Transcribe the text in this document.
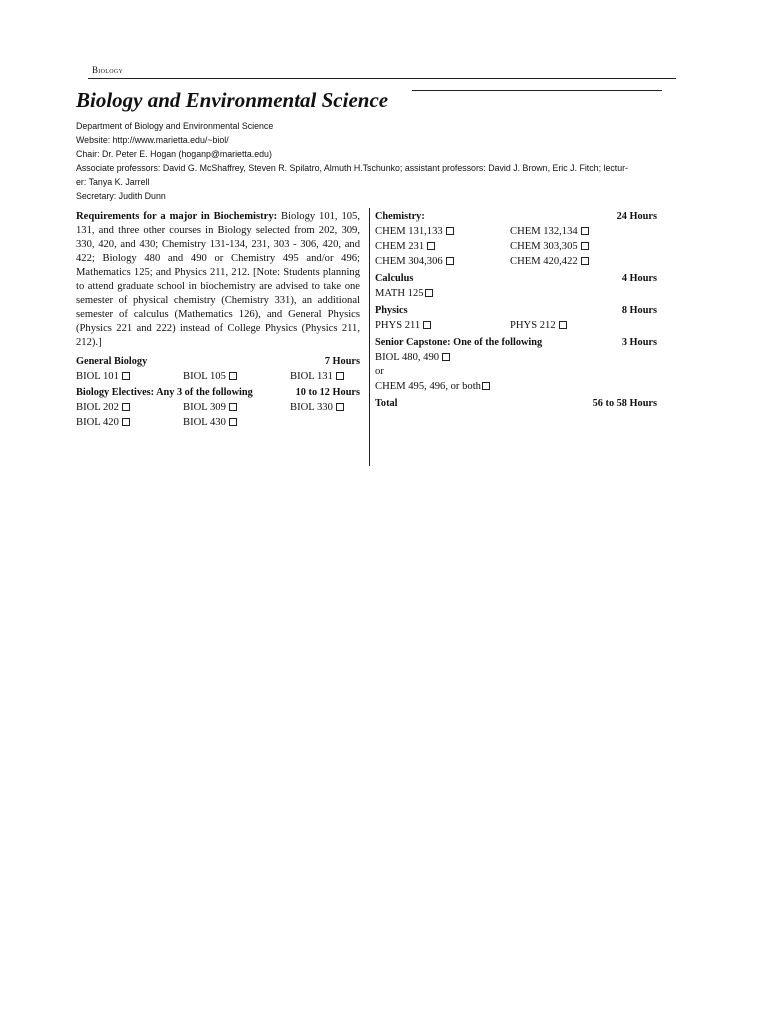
Biology
Biology and Environmental Science
Department of Biology and Environmental Science
Website: http://www.marietta.edu/~biol/
Chair: Dr. Peter E. Hogan (hoganp@marietta.edu)
Associate professors: David G. McShaffrey, Steven R. Spilatro, Almuth H.Tschunko; assistant professors: David J. Brown, Eric J. Fitch; lectur-
er: Tanya K. Jarrell
Secretary: Judith Dunn

Requirements for a major in Biochemistry: Biology 101, 105, 131, and three other courses in Biology selected from 202, 309, 330, 420, and 430; Chemistry 131-134, 231, 303 - 306, 420, and 422; Biology 480 and 490 or Chemistry 495 and/or 496; Mathematics 125; and Physics 211, 212. [Note: Students planning to attend graduate school in biochemistry are advised to take one semester of physical chemistry (Chemistry 331), an additional semester of calculus (Mathematics 126), and General Physics (Physics 221 and 222) instead of College Physics (Physics 211, 212).]

General Biology	7 Hours
BIOL 101	BIOL 105	BIOL 131
Biology Electives: Any 3 of the following	10 to 12 Hours
BIOL 202	BIOL 309	BIOL 330
BIOL 420	BIOL 430
Chemistry:	24 Hours
CHEM 131,133	CHEM 132,134
CHEM 231	CHEM 303,305
CHEM 304,306	CHEM 420,422
Calculus	4 Hours
MATH 125
Physics	8 Hours
PHYS 211	PHYS 212
Senior Capstone: One of the following	3 Hours
BIOL 480, 490
or
CHEM 495, 496, or both
Total	56 to 58 Hours
